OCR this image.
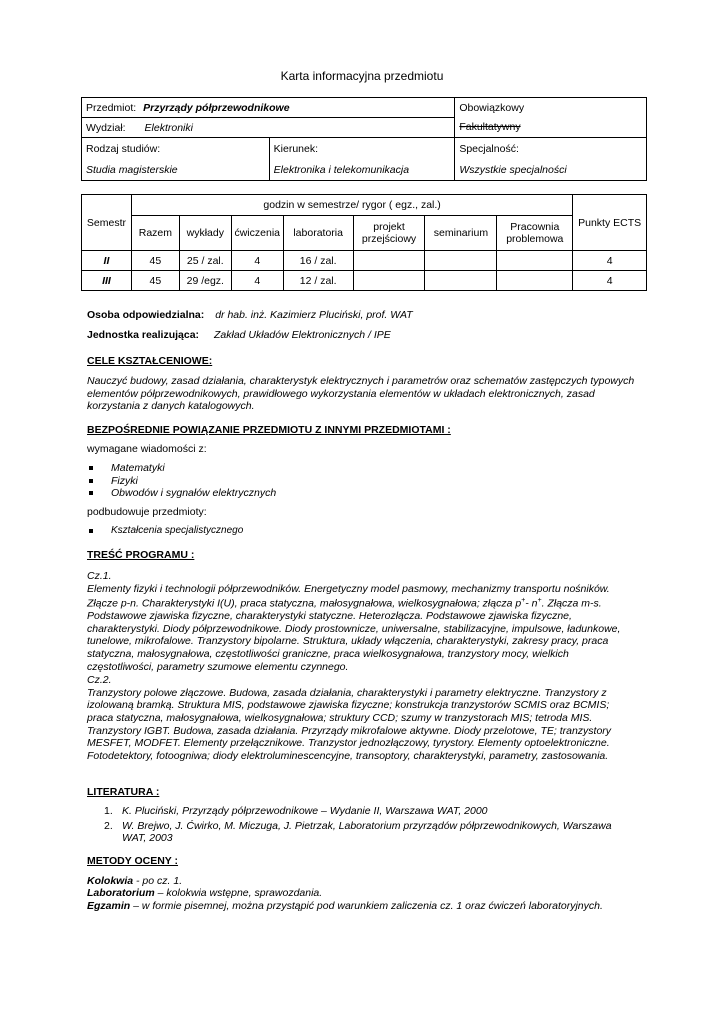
Karta informacyjna przedmiotu
Przedmiot: Przyrządy półprzewodnikowe		Obowiązkowy
Wydział: Elektroniki		Fakultatywny
Rodzaj studiów:	Kierunek:	Specjalność:
Studia magisterskie	Elektronika i telekomunikacja	Wszystkie specjalności
Semestr	godzin w semestrze/ rygor ( egz., zal.)							Punkty ECTS
	Razem	wykłady	ćwiczenia	laboratoria	projekt przejściowy	seminarium	Pracownia problemowa	
II	45	25 / zal.	4	16 / zal.				4
III	45	29 /egz.	4	12 / zal.				4
Osoba odpowiedzialna: dr hab. inż. Kazimierz Pluciński, prof. WAT
Jednostka realizująca: Zakład Układów Elektronicznych / IPE
CELE KSZTAŁCENIOWE:
Nauczyć budowy, zasad działania, charakterystyk elektrycznych i parametrów oraz schematów zastępczych typowych elementów półprzewodnikowych, prawidłowego wykorzystania elementów w układach elektronicznych, zasad korzystania z danych katalogowych.
BEZPOŚREDNIE POWIĄZANIE PRZEDMIOTU Z INNYMI PRZEDMIOTAMI :
wymagane wiadomości z:
Matematyki
Fizyki
Obwodów i sygnałów elektrycznych
podbudowuje przedmioty:
Kształcenia specjalistycznego
TREŚĆ PROGRAMU :
Cz.1.
Elementy fizyki i technologii półprzewodników. Energetyczny model pasmowy, mechanizmy transportu nośników.
Złącze p-n. Charakterystyki I(U), praca statyczna, małosygnałowa, wielkosygnałowa; złącza p+- n+. Złącza m-s.
Podstawowe zjawiska fizyczne, charakterystyki statyczne. Heterozłącza. Podstawowe zjawiska fizyczne, charakterystyki. Diody półprzewodnikowe. Diody prostownicze, uniwersalne, stabilizacyjne, impulsowe, ładunkowe, tunelowe, mikrofalowe. Tranzystory bipolarne. Struktura, układy włączenia, charakterystyki, zakresy pracy, praca statyczna, małosygnałowa, częstotliwości graniczne, praca wielkosygnałowa, tranzystory mocy, wielkich częstotliwości, parametry szumowe elementu czynnego.
Cz.2.
Tranzystory polowe złączowe. Budowa, zasada działania, charakterystyki i parametry elektryczne. Tranzystory z izolowaną bramką. Struktura MIS, podstawowe zjawiska fizyczne; konstrukcja tranzystorów SCMIS oraz BCMIS; praca statyczna, małosygnałowa, wielkosygnałowa; struktury CCD; szumy w tranzystorach MIS; tetroda MIS. Tranzystory IGBT. Budowa, zasada działania. Przyrządy mikrofalowe aktywne. Diody przelotowe, TE; tranzystory MESFET, MODFET. Elementy przełącznikowe. Tranzystor jednozłączowy, tyrystory. Elementy optoelektroniczne. Fotodetektory, fotoogniwa; diody elektroluminescencyjne, transoptory, charakterystyki, parametry, zastosowania.
LITERATURA :
1. K. Pluciński, Przyrządy półprzewodnikowe – Wydanie II, Warszawa WAT, 2000
2. W. Brejwo, J. Ćwirko, M. Miczuga, J. Pietrzak, Laboratorium przyrządów półprzewodnikowych, Warszawa WAT, 2003
METODY OCENY :
Kolokwia - po cz. 1.
Laboratorium – kolokwia wstępne, sprawozdania.
Egzamin – w formie pisemnej, można przystąpić pod warunkiem zaliczenia cz. 1 oraz ćwiczeń laboratoryjnych.
